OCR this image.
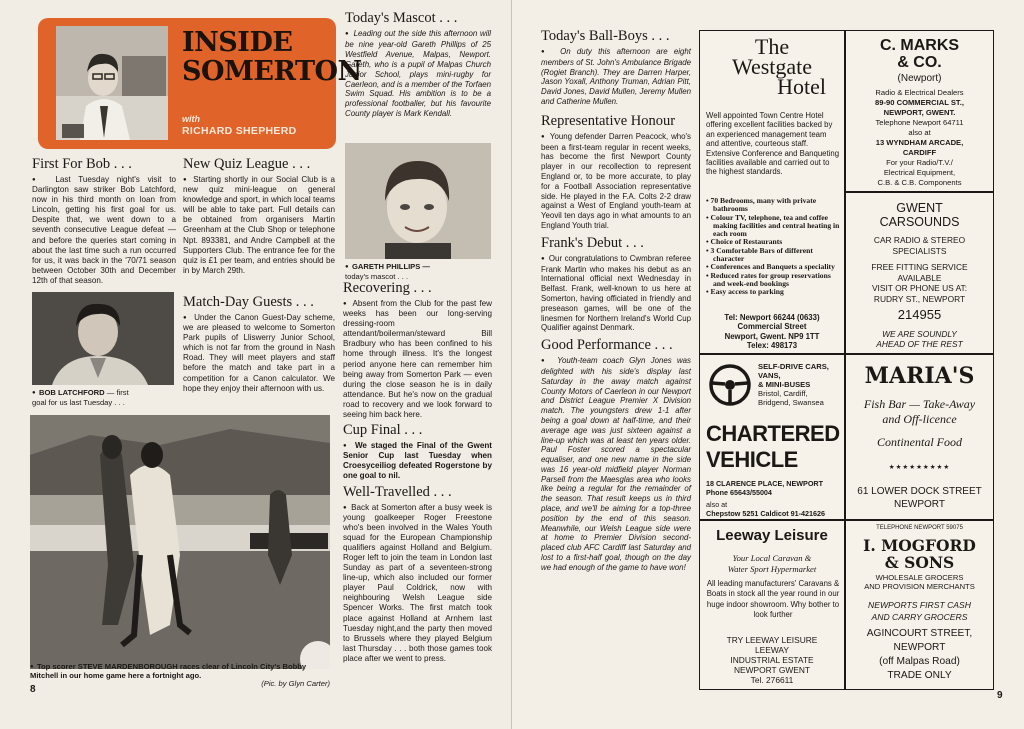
INSIDE SOMERTON
with
RICHARD SHEPHERD
Today's Mascot . . .

●  Leading out the side this afternoon will be nine year-old Gareth Phillips of 25 Westfield Avenue, Malpas, Newport. Gareth, who is a pupil of Malpas Church Junior School, plays mini-rugby for Caerleon, and is a member of the Torfaen Swim Squad. His ambition is to be a professional footballer, but his favourite County player is Mark Kendall.

●  GARETH PHILLIPS —
today's mascot . . .
First For Bob . . .

●  Last Tuesday night's visit to Darlington saw striker Bob Latchford, now in his third month on loan from Lincoln, getting his first goal for us. Despite that, we went down to a seventh consecutive League defeat — and before the queries start coming in about the last time such a run occurred for us, it was back in the '70/71 season between October 30th and December 12th of that season.

●  BOB LATCHFORD — first
goal for us last Tuesday . . .
New Quiz League . . .

●  Starting shortly in our Social Club is a new quiz mini-league on general knowledge and sport, in which local teams will be able to take part. Full details can be obtained from organisers Martin Greenham at the Club Shop or telephone Npt. 893381, and Andre Campbell at the Supporters Club. The entrance fee for the quiz is £1 per team, and entries should be in by March 29th.

Match-Day Guests . . .

●  Under the Canon Guest-Day scheme, we are pleased to welcome to Somerton Park pupils of Lliswerry Junior School, which is not far from the ground in Nash Road. They will meet players and staff before the match and take part in a competition for a Canon calculator. We hope they enjoy their afternoon with us.

Recovering . . .

●  Absent from the Club for the past few weeks has been our long-serving dressing-room attendant/boilerman/steward Bill Bradbury who has been confined to his home through illness. It's the longest period anyone here can remember him being away from Somerton Park — even during the close season he is in daily attendance. But he's now on the gradual road to recovery and we look forward to seeing him back here.

Cup Final . . .

●  We staged the Final of the Gwent Senior Cup last Tuesday when Croesyceiliog defeated Rogerstone by one goal to nil.

Well-Travelled . . .

●  Back at Somerton after a busy week is young goalkeeper Roger Freestone who's been involved in the Wales Youth squad for the European Championship qualifiers against Holland and Belgium. Roger left to join the team in London last Sunday as part of a seventeen-strong line-up, which also included our former player Paul Coldrick, now with neighbouring Welsh League side Spencer Works. The first match took place against Holland at Arnhem last Tuesday night,and the party then moved to Brussels where they played Belgium last Thursday . . . both those games took place after we went to press.

●  Top scorer STEVE MARDENBOROUGH races clear of Lincoln City's Bobby Mitchell in our home game here a fortnight ago.
(Pic. by Glyn Carter)
8
Today's Ball-Boys . . .

●  On duty this afternoon are eight members of St. John's Ambulance Brigade (Rogiet Branch). They are Darren Harper, Jason Yoxall, Anthony Truman, Adrian Pitt, David Jones, David Mullen, Jeremy Mullen and Catherine Mullen.

Representative Honour

●  Young defender Darren Peacock, who's been a first-team regular in recent weeks, has become the first Newport County player in our recollection to represent England or, to be more accurate, to play for a Football Association representative side. He played in the F.A. Colts 2-2 draw against a West of England youth-team at Yeovil ten days ago in what amounts to an England Youth trial.

Frank's Debut . . .

●  Our congratulations to Cwmbran referee Frank Martin who makes his debut as an International official next Wednesday in Belfast. Frank, well-known to us here at Somerton, having officiated in friendly and preseason games, will be one of the linesmen for Northern Ireland's World Cup Qualifier against Denmark.

Good Performance . . .

●  Youth-team coach Glyn Jones was delighted with his side's display last Saturday in the away match against County Motors of Caerleon in our Newport and District League Premier X Division match. The youngsters drew 1-1 after being a goal down at half-time, and their average age was just sixteen against a line-up which was at least ten years older. Paul Foster scored a spectacular equaliser, and one new name in the side was 16 year-old midfield player Norman Parsell from the Maesglas area who looks like being a regular for the remainder of the season. That result keeps us in third place, and we'll be aiming for a top-three position by the end of this season. Meanwhile, our Welsh League side were at home to Premier Division second-placed club AFC Cardiff last Saturday and lost to a first-half goal, though on the day we had enough of the game to have won!

The
Westgate
Hotel
Well appointed Town Centre Hotel offering excellent facilities backed by an experienced management team and attentive, courteous staff. Extensive Conference and Banqueting facilities available and carried out to the highest standards.
• 70 Bedrooms, many with private bathrooms
• Colour TV, telephone, tea and coffee making facilities and central heating in each room
• Choice of Restaurants
• 3 Comfortable Bars of different character
• Conferences and Banquets a speciality
• Reduced rates for group reservations and week-end bookings
• Easy access to parking
Tel: Newport 66244 (0633)
Commercial Street
Newport, Gwent. NP9 1TT
Telex: 498173
C. MARKS
& CO.
(Newport)
Radio & Electrical Dealers
89-90 COMMERCIAL ST.,
NEWPORT, GWENT.
Telephone Newport 64711
also at
13 WYNDHAM ARCADE,
CARDIFF
For your Radio/T.V./
Electrical Equipment,
C.B. & C.B. Components
GWENT
CARSOUNDS
CAR RADIO & STEREO
SPECIALISTS
FREE FITTING SERVICE
AVAILABLE
VISIT OR PHONE US AT:
RUDRY ST., NEWPORT
214955
WE ARE SOUNDLY
AHEAD OF THE REST
SELF-DRIVE CARS,
VANS,
& MINI-BUSES
Bristol, Cardiff,
Bridgend, Swansea
CHARTERED
VEHICLE
18 CLARENCE PLACE, NEWPORT
Phone 65643/55004
also at
Chepstow 5251 Caldicot 91-421626
MARIA'S
Fish Bar — Take-Away
and Off-licence
Continental Food
★★★★★★★★★
61 LOWER DOCK STREET
NEWPORT
Leeway Leisure
Your Local Caravan &
Water Sport Hypermarket
All leading manufacturers' Caravans & Boats in stock all the year round in our huge indoor showroom. Why bother to look further
TRY LEEWAY LEISURE
LEEWAY
INDUSTRIAL ESTATE
NEWPORT GWENT
Tel. 276611
TELEPHONE NEWPORT 59075
I. MOGFORD
& SONS
WHOLESALE GROCERS
AND PROVISION MERCHANTS
NEWPORTS FIRST CASH
AND CARRY GROCERS
AGINCOURT STREET,
NEWPORT
(off Malpas Road)
TRADE ONLY
9
